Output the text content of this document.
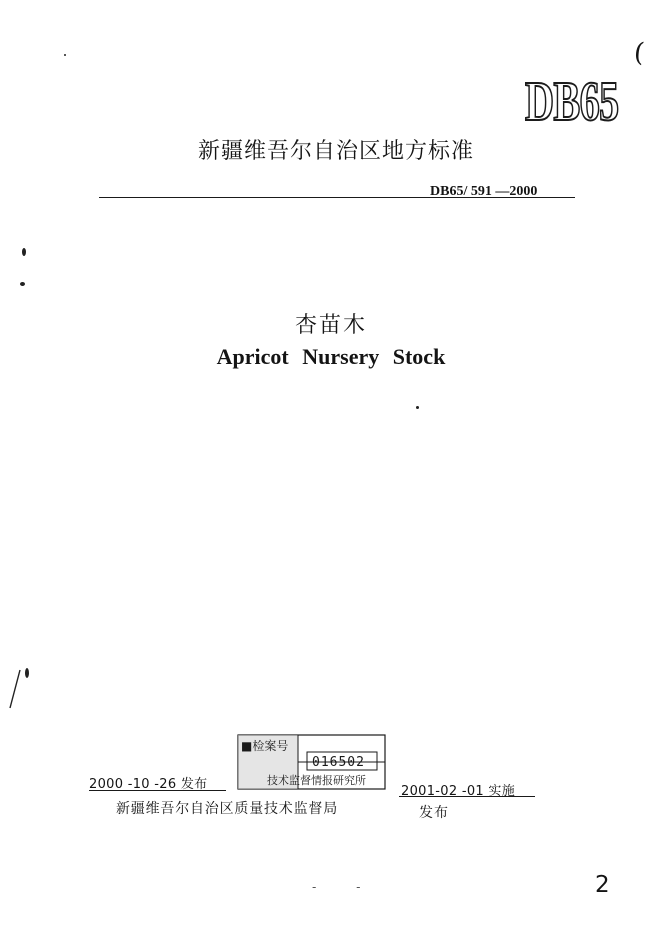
(
DB65
新疆维吾尔自治区地方标准
DB65/ 591 —2000
杏苗木
Apricot Nursery Stock
■检案号
016502
技术监督情报研究所
2000 -10 -26 发布	2001-02 -01 实施
新疆维吾尔自治区质量技术监督局	发布
- -	2
